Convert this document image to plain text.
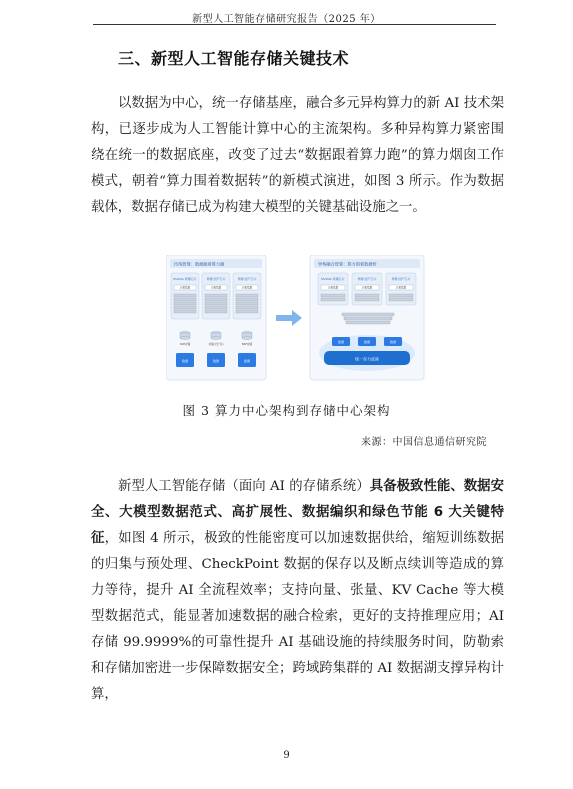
新型人工智能存储研究报告（2025 年）
三、新型人工智能存储关键技术

以数据为中心，统一存储基座，融合多元异构算力的新 AI 技术架构，已逐步成为人工智能计算中心的主流架构。多种异构算力紧密围绕在统一的数据底座，改变了过去“数据跟着算力跑”的算力烟囱工作模式，朝着“算力围着数据转”的新模式演进，如图 3 所示。作为数据载体，数据存储已成为构建大模型的关键基础设施之一。

传统智算：数据跟着算力跑
NVIDIA 昇腾芯片	昇腾 国产芯片	昇腾 国产芯片
计算集群	计算集群	计算集群
DCP存储	存储(已扩容)	NSF存储
数据	数据	数据
异构融合智算：算力围着数据转
NVIDIA 昇腾芯片	昇腾 国产芯片	昇腾 国产芯片
计算集群	计算集群	计算集群
数据	数据	数据
统一存力底座
图 3 算力中心架构到存储中心架构
来源：中国信息通信研究院

新型人工智能存储（面向 AI 的存储系统）具备极致性能、数据安全、大模型数据范式、高扩展性、数据编织和绿色节能 6 大关键特征，如图 4 所示，极致的性能密度可以加速数据供给，缩短训练数据的归集与预处理、CheckPoint 数据的保存以及断点续训等造成的算力等待，提升 AI 全流程效率；支持向量、张量、KV Cache 等大模型数据范式，能显著加速数据的融合检索，更好的支持推理应用；AI 存储 99.9999%的可靠性提升 AI 基础设施的持续服务时间，防勒索和存储加密进一步保障数据安全；跨域跨集群的 AI 数据湖支撑异构计算，

9
